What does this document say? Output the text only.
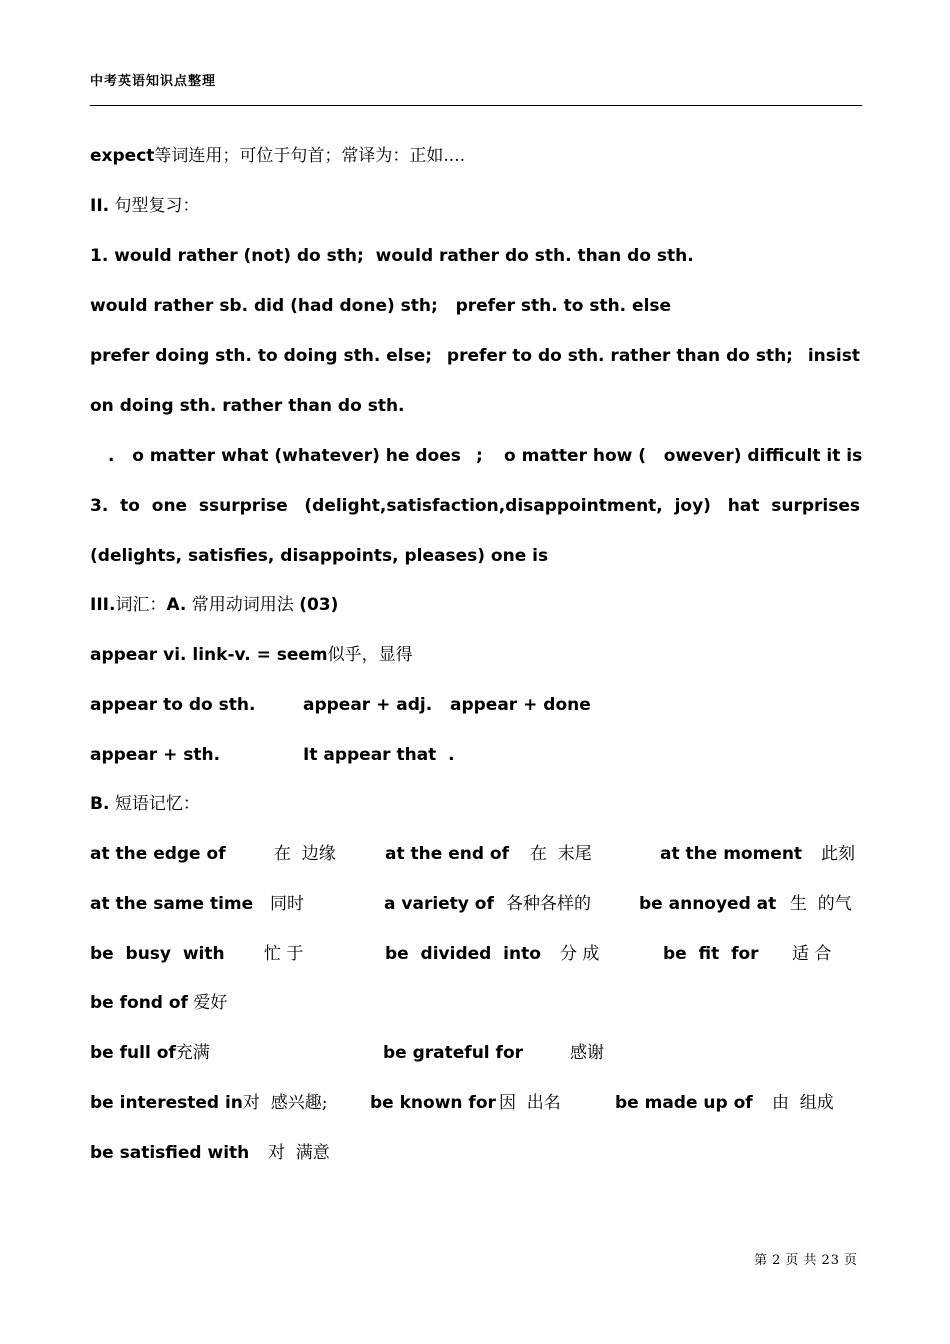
中考英语知识点整理
expect等词连用；可位于句首；常译为：正如....
II. 句型复习：
1. would rather (not) do sth;  would rather do sth. than do sth.
would rather sb. did (had done) sth;   prefer sth. to sth. else
prefer doing sth. to doing sth. else; prefer to do sth. rather than do sth; insist
on doing sth. rather than do sth.
.   o matter what (whatever) he does ; o matter how (   owever) difficult it is
3.  to  one  ssurprise (delight,satisfaction,disappointment,  joy) hat  surprises
(delights, satisfies, disappoints, pleases) one is
III.词汇：A. 常用动词用法 (03)
appear vi. link-v. = seem似乎，显得
appear to do sth.	appear + adj. appear + done
appear + sth.	It appear that  .
B. 短语记忆：
at the edge of	在  边缘	at the end of 在  末尾	at the moment 此刻
at the same time 同时	a variety of 各种各样的	be annoyed at 生  的气
be  busy  with 忙 于	be  divided  into 分 成	be  fit  for 适 合
be fond of 爱好
be full of充满	be grateful for	感谢
be interested in对  感兴趣;	be known for 因  出名	be made up of 由  组成
be satisfied with 对  满意
第 2 页 共 23 页
